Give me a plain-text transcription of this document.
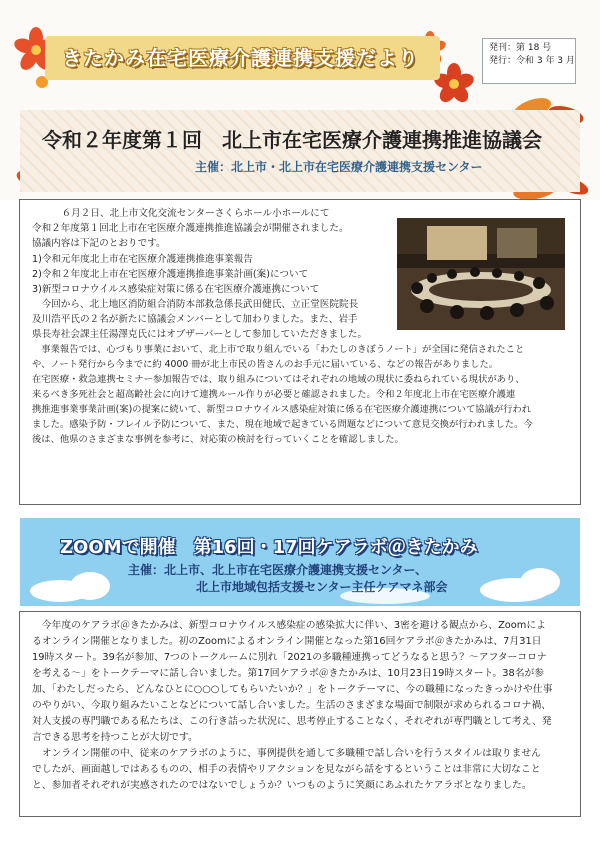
きたかみ在宅医療介護連携支援だより	発刊：第 18 号
発行：令和 3 年 3 月
令和２年度第１回　北上市在宅医療介護連携推進協議会
主催：北上市・北上市在宅医療介護連携支援センター
　６月２日、北上市文化交流センターさくらホール小ホールにて
令和２年度第１回北上市在宅医療介護連携推進協議会が開催されました。
協議内容は下記のとおりです。
1)令和元年度北上市在宅医療介護連携推進事業報告
2)令和２年度北上市在宅医療介護連携推進事業計画(案)について
3)新型コロナウイルス感染症対策に係る在宅医療介護連携について
　今回から、北上地区消防組合消防本部救急係長武田健氏、立正堂医院院長
及川浩平氏の２名が新たに協議会メンバーとして加わりました。また、岩手
県長寿社会課主任湯澤克氏にはオブザーバーとして参加していただきました。
　事業報告では、心づもり事業において、北上市で取り組んでいる「わたしのきぼうノート」が全国に発信されたこと
や、ノート発行から今までに約 4000 冊が北上市民の皆さんのお手元に届いている、などの報告がありました。
在宅医療・救急連携セミナー参加報告では、取り組みについてはそれぞれの地域の現状に委ねられている現状があり、
来るべき多死社会と超高齢社会に向けて連携ルール作りが必要と確認されました。令和２年度北上市在宅医療介護連
携推進事業事業計画(案)の提案に続いて、新型コロナウイルス感染症対策に係る在宅医療介護連携について協議が行われ
ました。感染予防・フレイル予防について、また、現在地域で起きている問題などについて意見交換が行われました。今
後は、他県のさまざまな事例を参考に、対応策の検討を行っていくことを確認しました。
ZOOMで開催　第16回・17回ケアラボ＠きたかみ
主催：北上市、北上市在宅医療介護連携支援センター、
北上市地域包括支援センター主任ケアマネ部会
　今年度のケアラボ＠きたかみは、新型コロナウイルス感染症の感染拡大に伴い、3密を避ける観点から、Zoomによ
るオンライン開催となりました。初のZoomによるオンライン開催となった第16回ケアラボ＠きたかみは、7月31日
19時スタート。39名が参加、7つのトークルームに別れ「2021の多職種連携ってどうなると思う？～アフターコロナ
を考える～」をトークテーマに話し合いました。第17回ケアラボ＠きたかみは、10月23日19時スタート。38名が参
加、「わたしだったら、どんなひとに○○○してもらいたいか？」をトークテーマに、今の職種になったきっかけや仕事
のやりがい、今取り組みたいことなどについて話し合いました。生活のさまざまな場面で制限が求められるコロナ禍、
対人支援の専門職である私たちは、この行き詰った状況に、思考停止することなく、それぞれが専門職として考え、発
言できる思考を持つことが大切です。
　オンライン開催の中、従来のケアラボのように、事例提供を通して多職種で話し合いを行うスタイルは取りません
でしたが、画面越しではあるものの、相手の表情やリアクションを見ながら話をするということは非常に大切なこと
と、参加者それぞれが実感されたのではないでしょうか？いつものように笑顔にあふれたケアラボとなりました。
